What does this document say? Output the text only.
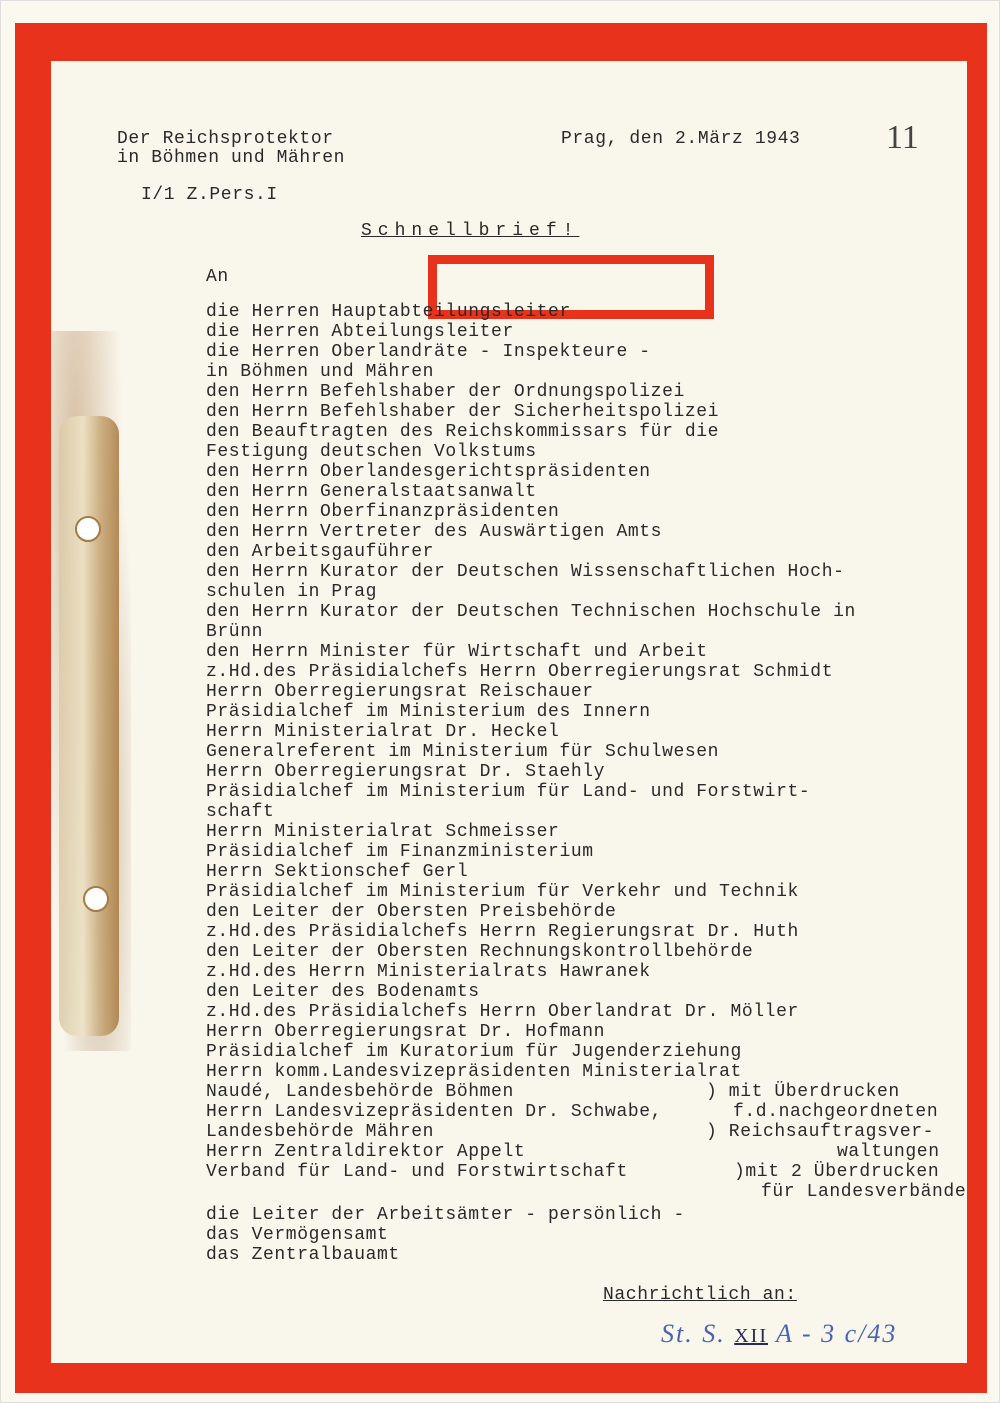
Der Reichsprotektor
in Böhmen und Mähren
I/1 Z.Pers.I
Prag, den 2.März 1943	11
Schnellbrief!
An
die Herren Hauptabteilungsleiter
die Herren Abteilungsleiter
die Herren Oberlandräte - Inspekteure -
in Böhmen und Mähren
den Herrn Befehlshaber der Ordnungspolizei
den Herrn Befehlshaber der Sicherheitspolizei
den Beauftragten des Reichskommissars für die
Festigung deutschen Volkstums
den Herrn Oberlandesgerichtspräsidenten
den Herrn Generalstaatsanwalt
den Herrn Oberfinanzpräsidenten
den Herrn Vertreter des Auswärtigen Amts
den Arbeitsgauführer
den Herrn Kurator der Deutschen Wissenschaftlichen Hoch-
schulen in Prag
den Herrn Kurator der Deutschen Technischen Hochschule in
Brünn
den Herrn Minister für Wirtschaft und Arbeit
z.Hd.des Präsidialchefs Herrn Oberregierungsrat Schmidt
Herrn Oberregierungsrat Reischauer
Präsidialchef im Ministerium des Innern
Herrn Ministerialrat Dr. Heckel
Generalreferent im Ministerium für Schulwesen
Herrn Oberregierungsrat Dr. Staehly
Präsidialchef im Ministerium für Land- und Forstwirt-
schaft
Herrn Ministerialrat Schmeisser
Präsidialchef im Finanzministerium
Herrn Sektionschef Gerl
Präsidialchef im Ministerium für Verkehr und Technik
den Leiter der Obersten Preisbehörde
z.Hd.des Präsidialchefs Herrn Regierungsrat Dr. Huth
den Leiter der Obersten Rechnungskontrollbehörde
z.Hd.des Herrn Ministerialrats Hawranek
den Leiter des Bodenamts
z.Hd.des Präsidialchefs Herrn Oberlandrat Dr. Möller
Herrn Oberregierungsrat Dr. Hofmann
Präsidialchef im Kuratorium für Jugenderziehung
Herrn komm.Landesvizepräsidenten Ministerialrat
Naudé, Landesbehörde Böhmen
Herrn Landesvizepräsidenten Dr. Schwabe,
Landesbehörde Mähren
Herrn Zentraldirektor Appelt
Verband für Land- und Forstwirtschaft
) mit Überdrucken
f.d.nachgeordneten
) Reichsauftragsver-
waltungen
)mit 2 Überdrucken
für Landesverbände
die Leiter der Arbeitsämter - persönlich -
das Vermögensamt
das Zentralbauamt
Nachrichtlich an:
St. S. XII A - 3 c/43
